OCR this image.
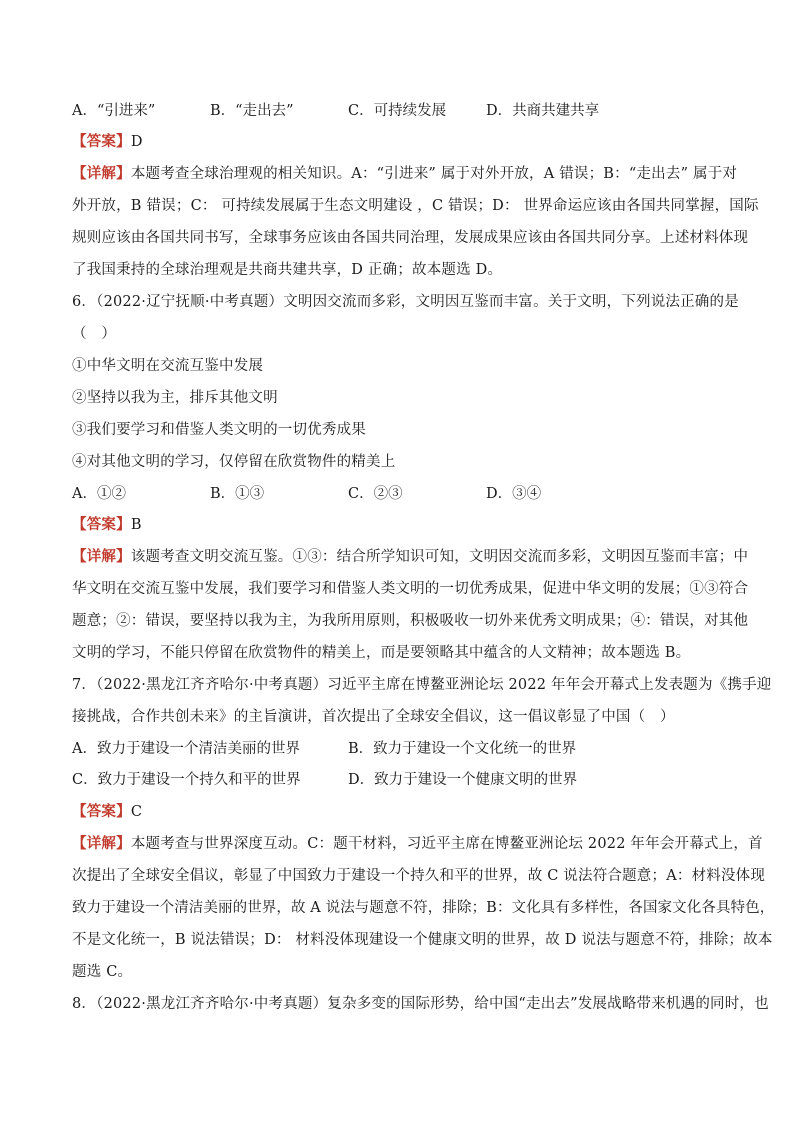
A．“引进来”	B．“走出去”	C．可持续发展	D．共商共建共享
【答案】D
【详解】本题考查全球治理观的相关知识。A：“引进来” 属于对外开放，A 错误；B：“走出去” 属于对
外开放，B 错误；C： 可持续发展属于生态文明建设 ，C 错误；D： 世界命运应该由各国共同掌握，国际
规则应该由各国共同书写，全球事务应该由各国共同治理，发展成果应该由各国共同分享。上述材料体现
了我国秉持的全球治理观是共商共建共享，D 正确；故本题选 D。
6．（2022·辽宁抚顺·中考真题）文明因交流而多彩，文明因互鉴而丰富。关于文明，下列说法正确的是
（　）
①中华文明在交流互鉴中发展
②坚持以我为主，排斥其他文明
③我们要学习和借鉴人类文明的一切优秀成果
④对其他文明的学习，仅停留在欣赏物件的精美上
A．①②	B．①③	C．②③	D．③④
【答案】B
【详解】该题考查文明交流互鉴。①③：结合所学知识可知，文明因交流而多彩，文明因互鉴而丰富；中
华文明在交流互鉴中发展，我们要学习和借鉴人类文明的一切优秀成果，促进中华文明的发展；①③符合
题意；②：错误，要坚持以我为主，为我所用原则，积极吸收一切外来优秀文明成果；④：错误，对其他
文明的学习，不能只停留在欣赏物件的精美上，而是要领略其中蕴含的人文精神；故本题选 B。
7．（2022·黑龙江齐齐哈尔·中考真题）习近平主席在博鳌亚洲论坛 2022 年年会开幕式上发表题为《携手迎
接挑战，合作共创未来》的主旨演讲，首次提出了全球安全倡议，这一倡议彰显了中国（　）
A．致力于建设一个清洁美丽的世界	B．致力于建设一个文化统一的世界
C．致力于建设一个持久和平的世界	D．致力于建设一个健康文明的世界
【答案】C
【详解】本题考查与世界深度互动。C：题干材料，习近平主席在博鳌亚洲论坛 2022 年年会开幕式上，首
次提出了全球安全倡议，彰显了中国致力于建设一个持久和平的世界，故 C 说法符合题意；A：材料没体现
致力于建设一个清洁美丽的世界，故 A 说法与题意不符，排除；B：文化具有多样性，各国家文化各具特色，
不是文化统一，B 说法错误；D： 材料没体现建设一个健康文明的世界，故 D 说法与题意不符，排除；故本
题选 C。
8．（2022·黑龙江齐齐哈尔·中考真题）复杂多变的国际形势，给中国“走出去”发展战略带来机遇的同时，也
